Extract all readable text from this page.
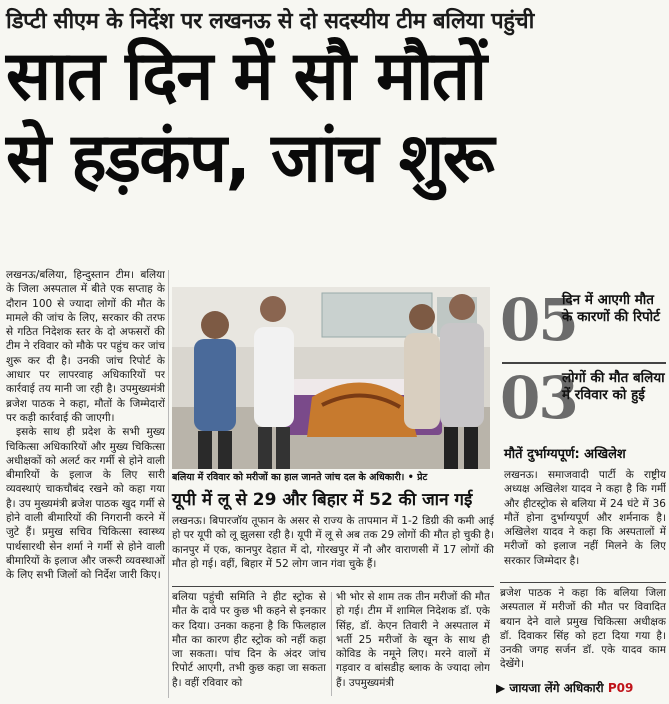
डिप्टी सीएम के निर्देश पर लखनऊ से दो सदस्यीय टीम बलिया पहुंची
सात दिन में सौ मौतों
से हड़कंप, जांच शुरू

लखनऊ/बलिया, हिन्दुस्तान टीम। बलिया के जिला अस्पताल में बीते एक सप्ताह के दौरान 100 से ज्यादा लोगों की मौत के मामले की जांच के लिए, सरकार की तरफ से गठित निदेशक स्तर के दो अफसरों की टीम ने रविवार को मौके पर पहुंच कर जांच शुरू कर दी है। उनकी जांच रिपोर्ट के आधार पर लापरवाह अधिकारियों पर कार्रवाई तय मानी जा रही है। उपमुख्यमंत्री ब्रजेश पाठक ने कहा, मौतों के जिम्मेदारों पर कड़ी कार्रवाई की जाएगी।

इसके साथ ही प्रदेश के सभी मुख्य चिकित्सा अधिकारियों और मुख्य चिकित्सा अधीक्षकों को अलर्ट कर गर्मी से होने वाली बीमारियों के इलाज के लिए सारी व्यवस्थाएं चाकचौबंद रखने को कहा गया है। उप मुख्यमंत्री ब्रजेश पाठक खुद गर्मी से होने वाली बीमारियों की निगरानी करने में जुटे हैं। प्रमुख सचिव चिकित्सा स्वास्थ्य पार्थसारथी सेन शर्मा ने गर्मी से होने वाली बीमारियों के इलाज और जरूरी व्यवस्थाओं के लिए सभी जिलों को निर्देश जारी किए।

बलिया में रविवार को मरीजों का हाल जानते जांच दल के अधिकारी। • प्रेट
यूपी में लू से 29 और बिहार में 52 की जान गई

लखनऊ। बिपारजॉय तूफान के असर से राज्य के तापमान में 1-2 डिग्री की कमी आई हो पर यूपी को लू झुलसा रही है। यूपी में लू से अब तक 29 लोगों की मौत हो चुकी है। कानपुर में एक, कानपुर देहात में दो, गोरखपुर में नौ और वाराणसी में 17 लोगों की मौत हो गई। वहीं, बिहार में 52 लोग जान गंवा चुके हैं।

बलिया पहुंची समिति ने हीट स्ट्रोक से मौत के दावे पर कुछ भी कहने से इनकार कर दिया। उनका कहना है कि फिलहाल मौत का कारण हीट स्ट्रोक को नहीं कहा जा सकता। पांच दिन के अंदर जांच रिपोर्ट आएगी, तभी कुछ कहा जा सकता है। वहीं रविवार को

भी भोर से शाम तक तीन मरीजों की मौत हो गई। टीम में शामिल निदेशक डॉ. एके सिंह, डॉ. केएन तिवारी ने अस्पताल में भर्ती 25 मरीजों के खून के साथ ही कोविड के नमूने लिए। मरने वालों में गड़वार व बांसडीह ब्लाक के ज्यादा लोग हैं। उपमुख्यमंत्री

05
दिन में आएगी मौत के कारणों की रिपोर्ट
03
लोगों की मौत बलिया में रविवार को हुई
मौतें दुर्भाग्यपूर्ण: अखिलेश

लखनऊ। समाजवादी पार्टी के राष्ट्रीय अध्यक्ष अखिलेश यादव ने कहा है कि गर्मी और हीटस्ट्रोक से बलिया में 24 घंटे में 36 मौतें होना दुर्भाग्यपूर्ण और शर्मनाक है। अखिलेश यादव ने कहा कि अस्पतालों में मरीजों को इलाज नहीं मिलने के लिए सरकार जिम्मेदार है।

ब्रजेश पाठक ने कहा कि बलिया जिला अस्पताल में मरीजों की मौत पर विवादित बयान देने वाले प्रमुख चिकित्सा अधीक्षक डॉ. दिवाकर सिंह को हटा दिया गया है। उनकी जगह सर्जन डॉ. एके यादव काम देखेंगे।

▶ जायजा लेंगे अधिकारी P09
